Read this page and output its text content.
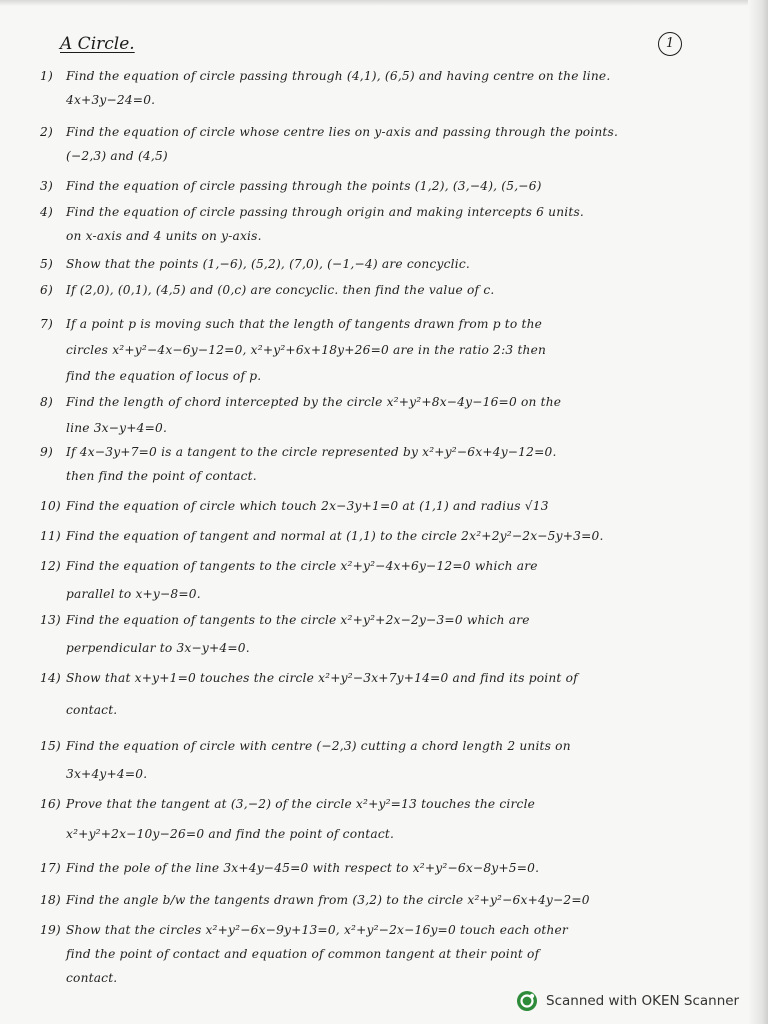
A Circle.	1
1) Find the equation of circle passing through (4,1), (6,5) and having centre on the line.
4x+3y−24=0.
2) Find the equation of circle whose centre lies on y-axis and passing through the points.
(−2,3) and (4,5)
3) Find the equation of circle passing through the points (1,2), (3,−4), (5,−6)
4) Find the equation of circle passing through origin and making intercepts 6 units.
on x-axis and 4 units on y-axis.
5) Show that the points (1,−6), (5,2), (7,0), (−1,−4) are concyclic.
6) If (2,0), (0,1), (4,5) and (0,c) are concyclic. then find the value of c.
7) If a point p is moving such that the length of tangents drawn from p to the
circles x²+y²−4x−6y−12=0, x²+y²+6x+18y+26=0 are in the ratio 2:3 then
find the equation of locus of p.
8) Find the length of chord intercepted by the circle x²+y²+8x−4y−16=0 on the
line 3x−y+4=0.
9) If 4x−3y+7=0 is a tangent to the circle represented by x²+y²−6x+4y−12=0.
then find the point of contact.
10) Find the equation of circle which touch 2x−3y+1=0 at (1,1) and radius √13
11) Find the equation of tangent and normal at (1,1) to the circle 2x²+2y²−2x−5y+3=0.
12) Find the equation of tangents to the circle x²+y²−4x+6y−12=0 which are
parallel to x+y−8=0.
13) Find the equation of tangents to the circle x²+y²+2x−2y−3=0 which are
perpendicular to 3x−y+4=0.
14) Show that x+y+1=0 touches the circle x²+y²−3x+7y+14=0 and find its point of
contact.
15) Find the equation of circle with centre (−2,3) cutting a chord length 2 units on
3x+4y+4=0.
16) Prove that the tangent at (3,−2) of the circle x²+y²=13 touches the circle
x²+y²+2x−10y−26=0 and find the point of contact.
17) Find the pole of the line 3x+4y−45=0 with respect to x²+y²−6x−8y+5=0.
18) Find the angle b/w the tangents drawn from (3,2) to the circle x²+y²−6x+4y−2=0
19) Show that the circles x²+y²−6x−9y+13=0, x²+y²−2x−16y=0 touch each other
find the point of contact and equation of common tangent at their point of
contact.
Scanned with OKEN Scanner
